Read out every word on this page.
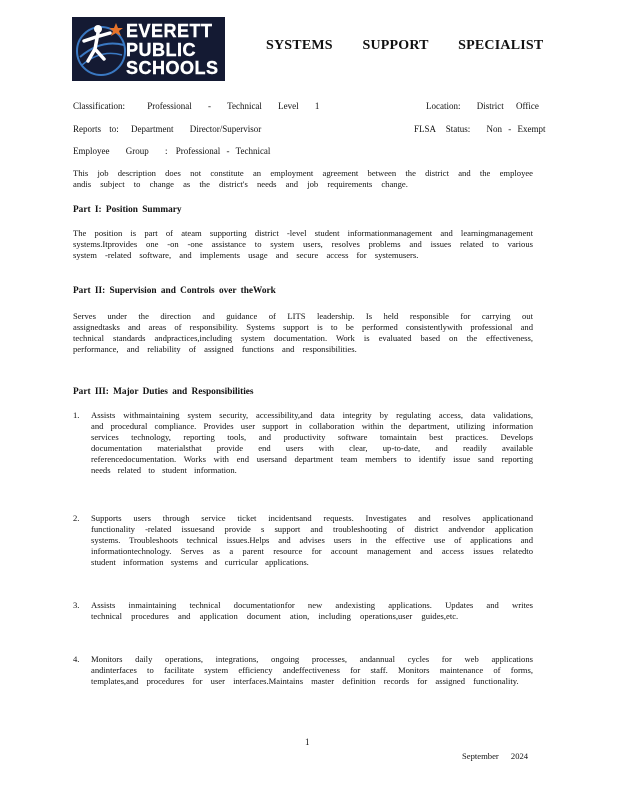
EVERETT
PUBLIC
SCHOOLS
SYSTEMS SUPPORT SPECIALIST
Classification: Professional - Technical Level 1	Location: District Office
Reports to: Department Director/Supervisor	FLSA Status: Non - Exempt
Employee Group : Professional - Technical
This job description does not constitute an employment agreement between the district and the employee andis subject to change as the district's needs and job requirements change.
Part I: Position Summary
The position is part of ateam supporting district -level student informationmanagement and learningmanagement systems.Itprovides one -on -one assistance to system users, resolves problems and issues related to various system -related software, and implements usage and secure access for systemusers.
Part II: Supervision and Controls over theWork
Serves under the direction and guidance of LITS leadership. Is held responsible for carrying out assignedtasks and areas of responsibility. Systems support is to be performed consistentlywith professional and technical standards andpractices,including system documentation. Work is evaluated based on the effectiveness, performance, and reliability of assigned functions and responsibilities.
Part III: Major Duties and Responsibilities
1.	Assists withmaintaining system security, accessibility,and data integrity by regulating access, data validations, and procedural compliance. Provides user support in collaboration within the department, utilizing information services technology, reporting tools, and productivity software tomaintain best practices. Develops documentation materialsthat provide end users with clear, up-to-date, and readily available referencedocumentation. Works with end usersand department team members to identify issue sand reporting needs related to student information.
2.	Supports users through service ticket incidentsand requests. Investigates and resolves applicationand functionality -related issuesand provide s support and troubleshooting of district andvendor application systems. Troubleshoots technical issues.Helps and advises users in the effective use of applications and informationtechnology. Serves as a parent resource for account management and access issues relatedto student information systems and curricular applications.
3.	Assists inmaintaining technical documentationfor new andexisting applications. Updates and writes technical procedures and application document ation, including operations,user guides,etc.
4.	Monitors daily operations, integrations, ongoing processes, andannual cycles for web applications andinterfaces to facilitate system efficiency andeffectiveness for staff. Monitors maintenance of forms, templates,and procedures for user interfaces.Maintains master definition records for assigned functionality.
1
September 2024
